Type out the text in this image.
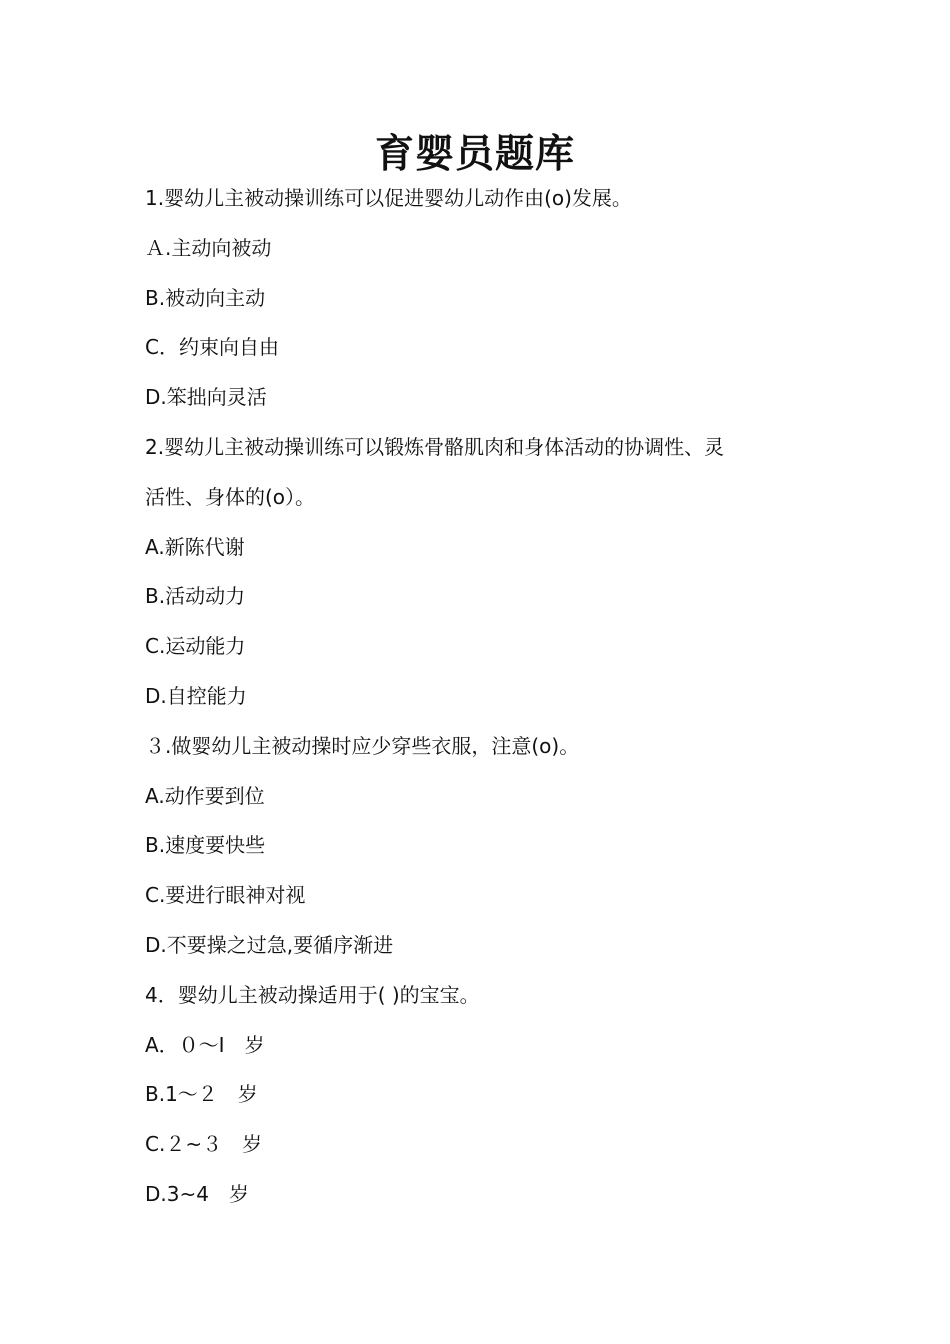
育婴员题库
1.婴幼儿主被动操训练可以促进婴幼儿动作由(o)发展。
Ａ.主动向被动
B.被动向主动
C．约束向自由
D.笨拙向灵活
2.婴幼儿主被动操训练可以锻炼骨骼肌肉和身体活动的协调性、灵
活性、身体的(o）。
A.新陈代谢
B.活动动力
C.运动能力
D.自控能力
３.做婴幼儿主被动操时应少穿些衣服，注意(o)。
A.动作要到位
B.速度要快些
C.要进行眼神对视
D.不要操之过急,要循序渐进
4．婴幼儿主被动操适用于( )的宝宝。
A．０～I　岁
B.1～２　岁
C.２~３　岁
D.3~4　岁
